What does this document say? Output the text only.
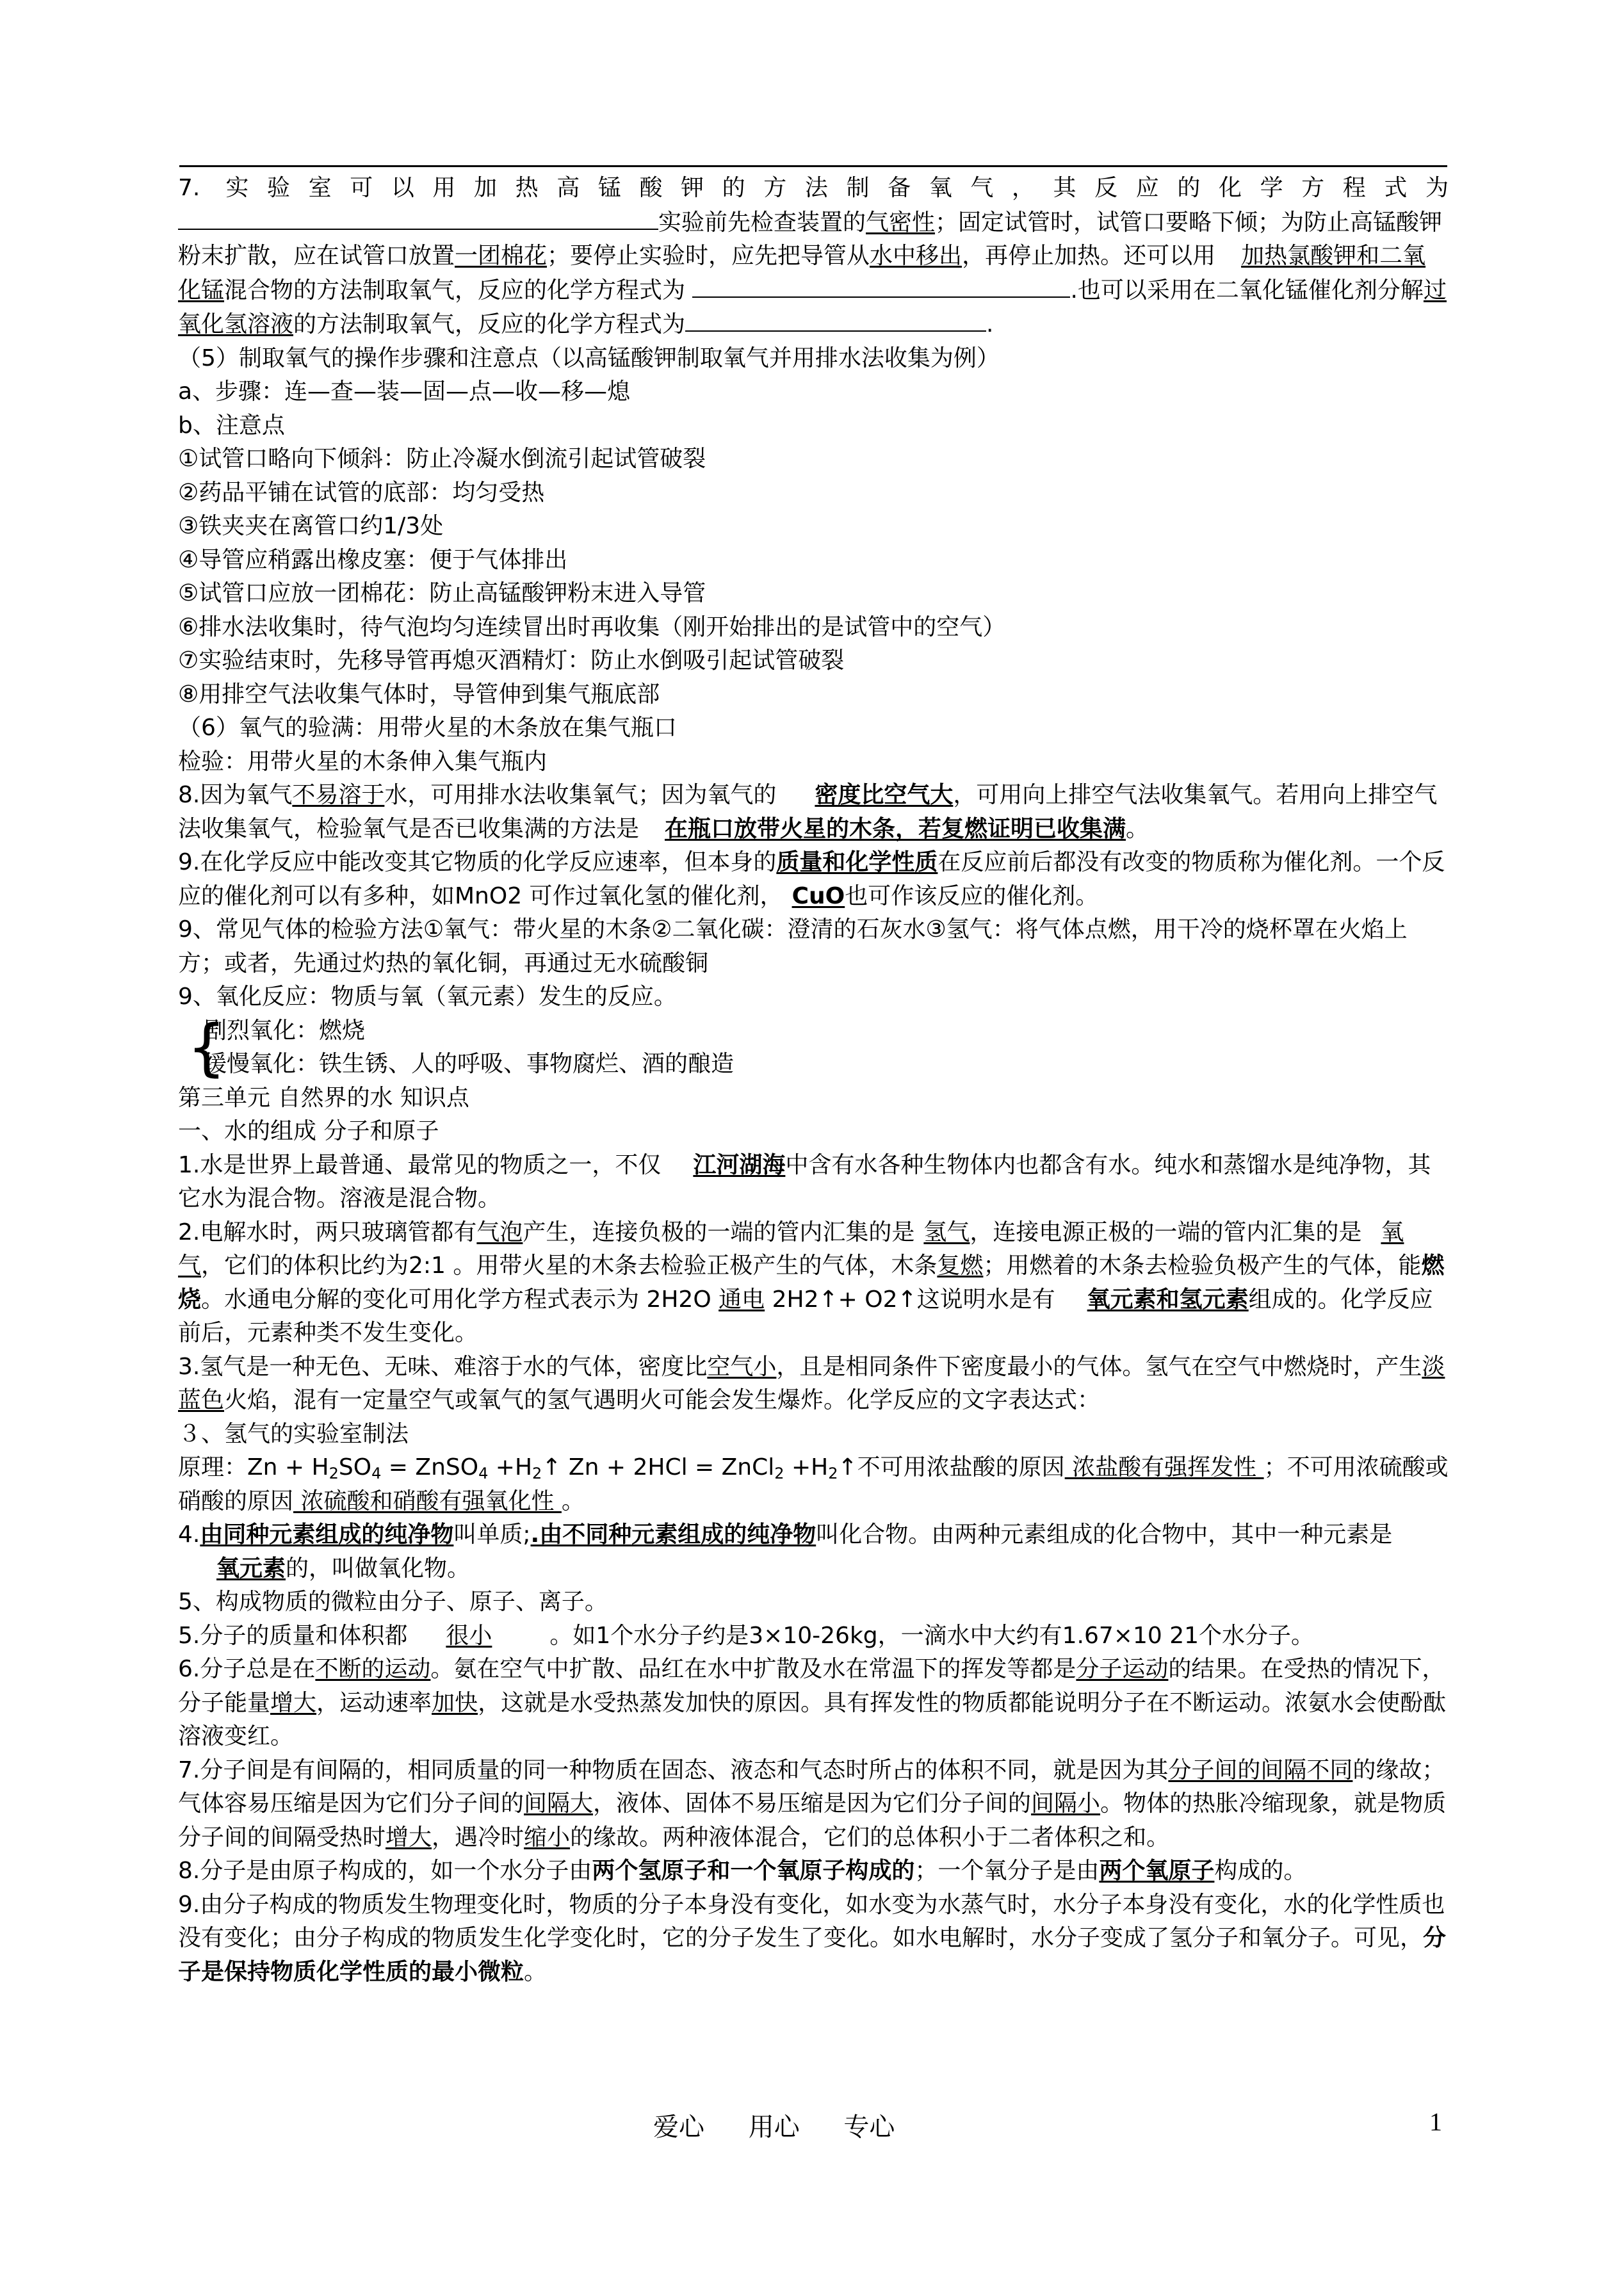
7. 实验室可以用加热高锰酸钾的方法制备氧气，其反应的化学方程式为
实验前先检查装置的气密性；固定试管时，试管口要略下倾；为防止高锰酸钾粉末扩散，应在试管口放置一团棉花；要停止实验时，应先把导管从水中移出，再停止加热。还可以用 加热氯酸钾和二氧化锰混合物的方法制取氧气，反应的化学方程式为	.也可以采用在二氧化锰催化剂分解过氧化氢溶液的方法制取氧气，反应的化学方程式为	.

（5）制取氧气的操作步骤和注意点（以高锰酸钾制取氧气并用排水法收集为例）

a、步骤：连—查—装—固—点—收—移—熄

b、注意点

①试管口略向下倾斜：防止冷凝水倒流引起试管破裂

②药品平铺在试管的底部：均匀受热

③铁夹夹在离管口约1/3处

④导管应稍露出橡皮塞：便于气体排出

⑤试管口应放一团棉花：防止高锰酸钾粉末进入导管

⑥排水法收集时，待气泡均匀连续冒出时再收集（刚开始排出的是试管中的空气）

⑦实验结束时，先移导管再熄灭酒精灯：防止水倒吸引起试管破裂

⑧用排空气法收集气体时，导管伸到集气瓶底部

（6）氧气的验满：用带火星的木条放在集气瓶口

检验：用带火星的木条伸入集气瓶内

8.因为氧气不易溶于水，可用排水法收集氧气；因为氧气的 密度比空气大，可用向上排空气法收集氧气。若用向上排空气法收集氧气，检验氧气是否已收集满的方法是 在瓶口放带火星的木条，若复燃证明已收集满。

9.在化学反应中能改变其它物质的化学反应速率，但本身的质量和化学性质在反应前后都没有改变的物质称为催化剂。一个反应的催化剂可以有多种，如MnO2 可作过氧化氢的催化剂， CuO也可作该反应的催化剂。

9、常见气体的检验方法①氧气：带火星的木条②二氧化碳：澄清的石灰水③氢气：将气体点燃，用干冷的烧杯罩在火焰上方；或者，先通过灼热的氧化铜，再通过无水硫酸铜

9、氧化反应：物质与氧（氧元素）发生的反应。

{

剧烈氧化：燃烧

缓慢氧化：铁生锈、人的呼吸、事物腐烂、酒的酿造

第三单元 自然界的水 知识点

一、水的组成 分子和原子

1.水是世界上最普通、最常见的物质之一，不仅 江河湖海中含有水各种生物体内也都含有水。纯水和蒸馏水是纯净物，其它水为混合物。溶液是混合物。

2.电解水时，两只玻璃管都有气泡产生，连接负极的一端的管内汇集的是 氢气，连接电源正极的一端的管内汇集的是 氧气，它们的体积比约为2:1 。用带火星的木条去检验正极产生的气体，木条复燃；用燃着的木条去检验负极产生的气体，能燃烧。水通电分解的变化可用化学方程式表示为 2H2O 通电 2H2↑+ O2↑这说明水是有 氧元素和氢元素组成的。化学反应前后，元素种类不发生变化。

3.氢气是一种无色、无味、难溶于水的气体，密度比空气小，且是相同条件下密度最小的气体。氢气在空气中燃烧时，产生淡蓝色火焰，混有一定量空气或氧气的氢气遇明火可能会发生爆炸。化学反应的文字表达式：

３、氢气的实验室制法

原理：$Zn + H_2SO_4$ = ZnSO$_4$ $+H_2↑$ Zn + 2HCl = ZnCl$_2$ $+H_2↑$不可用浓盐酸的原因 浓盐酸有强挥发性 ；不可用浓硫酸或硝酸的原因 浓硫酸和硝酸有强氧化性 。

4.由同种元素组成的纯净物叫单质;.由不同种元素组成的纯净物叫化合物。由两种元素组成的化合物中，其中一种元素是氧元素的，叫做氧化物。

5、构成物质的微粒由分子、原子、离子。

5.分子的质量和体积都 很小	。如1个水分子约是3×10-26kg，一滴水中大约有1.67×10 21个水分子。

6.分子总是在不断的运动。氨在空气中扩散、品红在水中扩散及水在常温下的挥发等都是分子运动的结果。在受热的情况下，分子能量增大，运动速率加快，这就是水受热蒸发加快的原因。具有挥发性的物质都能说明分子在不断运动。浓氨水会使酚酞溶液变红。

7.分子间是有间隔的，相同质量的同一种物质在固态、液态和气态时所占的体积不同，就是因为其分子间的间隔不同的缘故；气体容易压缩是因为它们分子间的间隔大，液体、固体不易压缩是因为它们分子间的间隔小。物体的热胀冷缩现象，就是物质分子间的间隔受热时增大，遇冷时缩小的缘故。两种液体混合，它们的总体积小于二者体积之和。

8.分子是由原子构成的，如一个水分子由两个氢原子和一个氧原子构成的；一个氧分子是由两个氧原子构成的。

9.由分子构成的物质发生物理变化时，物质的分子本身没有变化，如水变为水蒸气时，水分子本身没有变化，水的化学性质也没有变化；由分子构成的物质发生化学变化时，它的分子发生了变化。如水电解时，水分子变成了氢分子和氧分子。可见，分子是保持物质化学性质的最小微粒。

爱心 用心 专心	1
